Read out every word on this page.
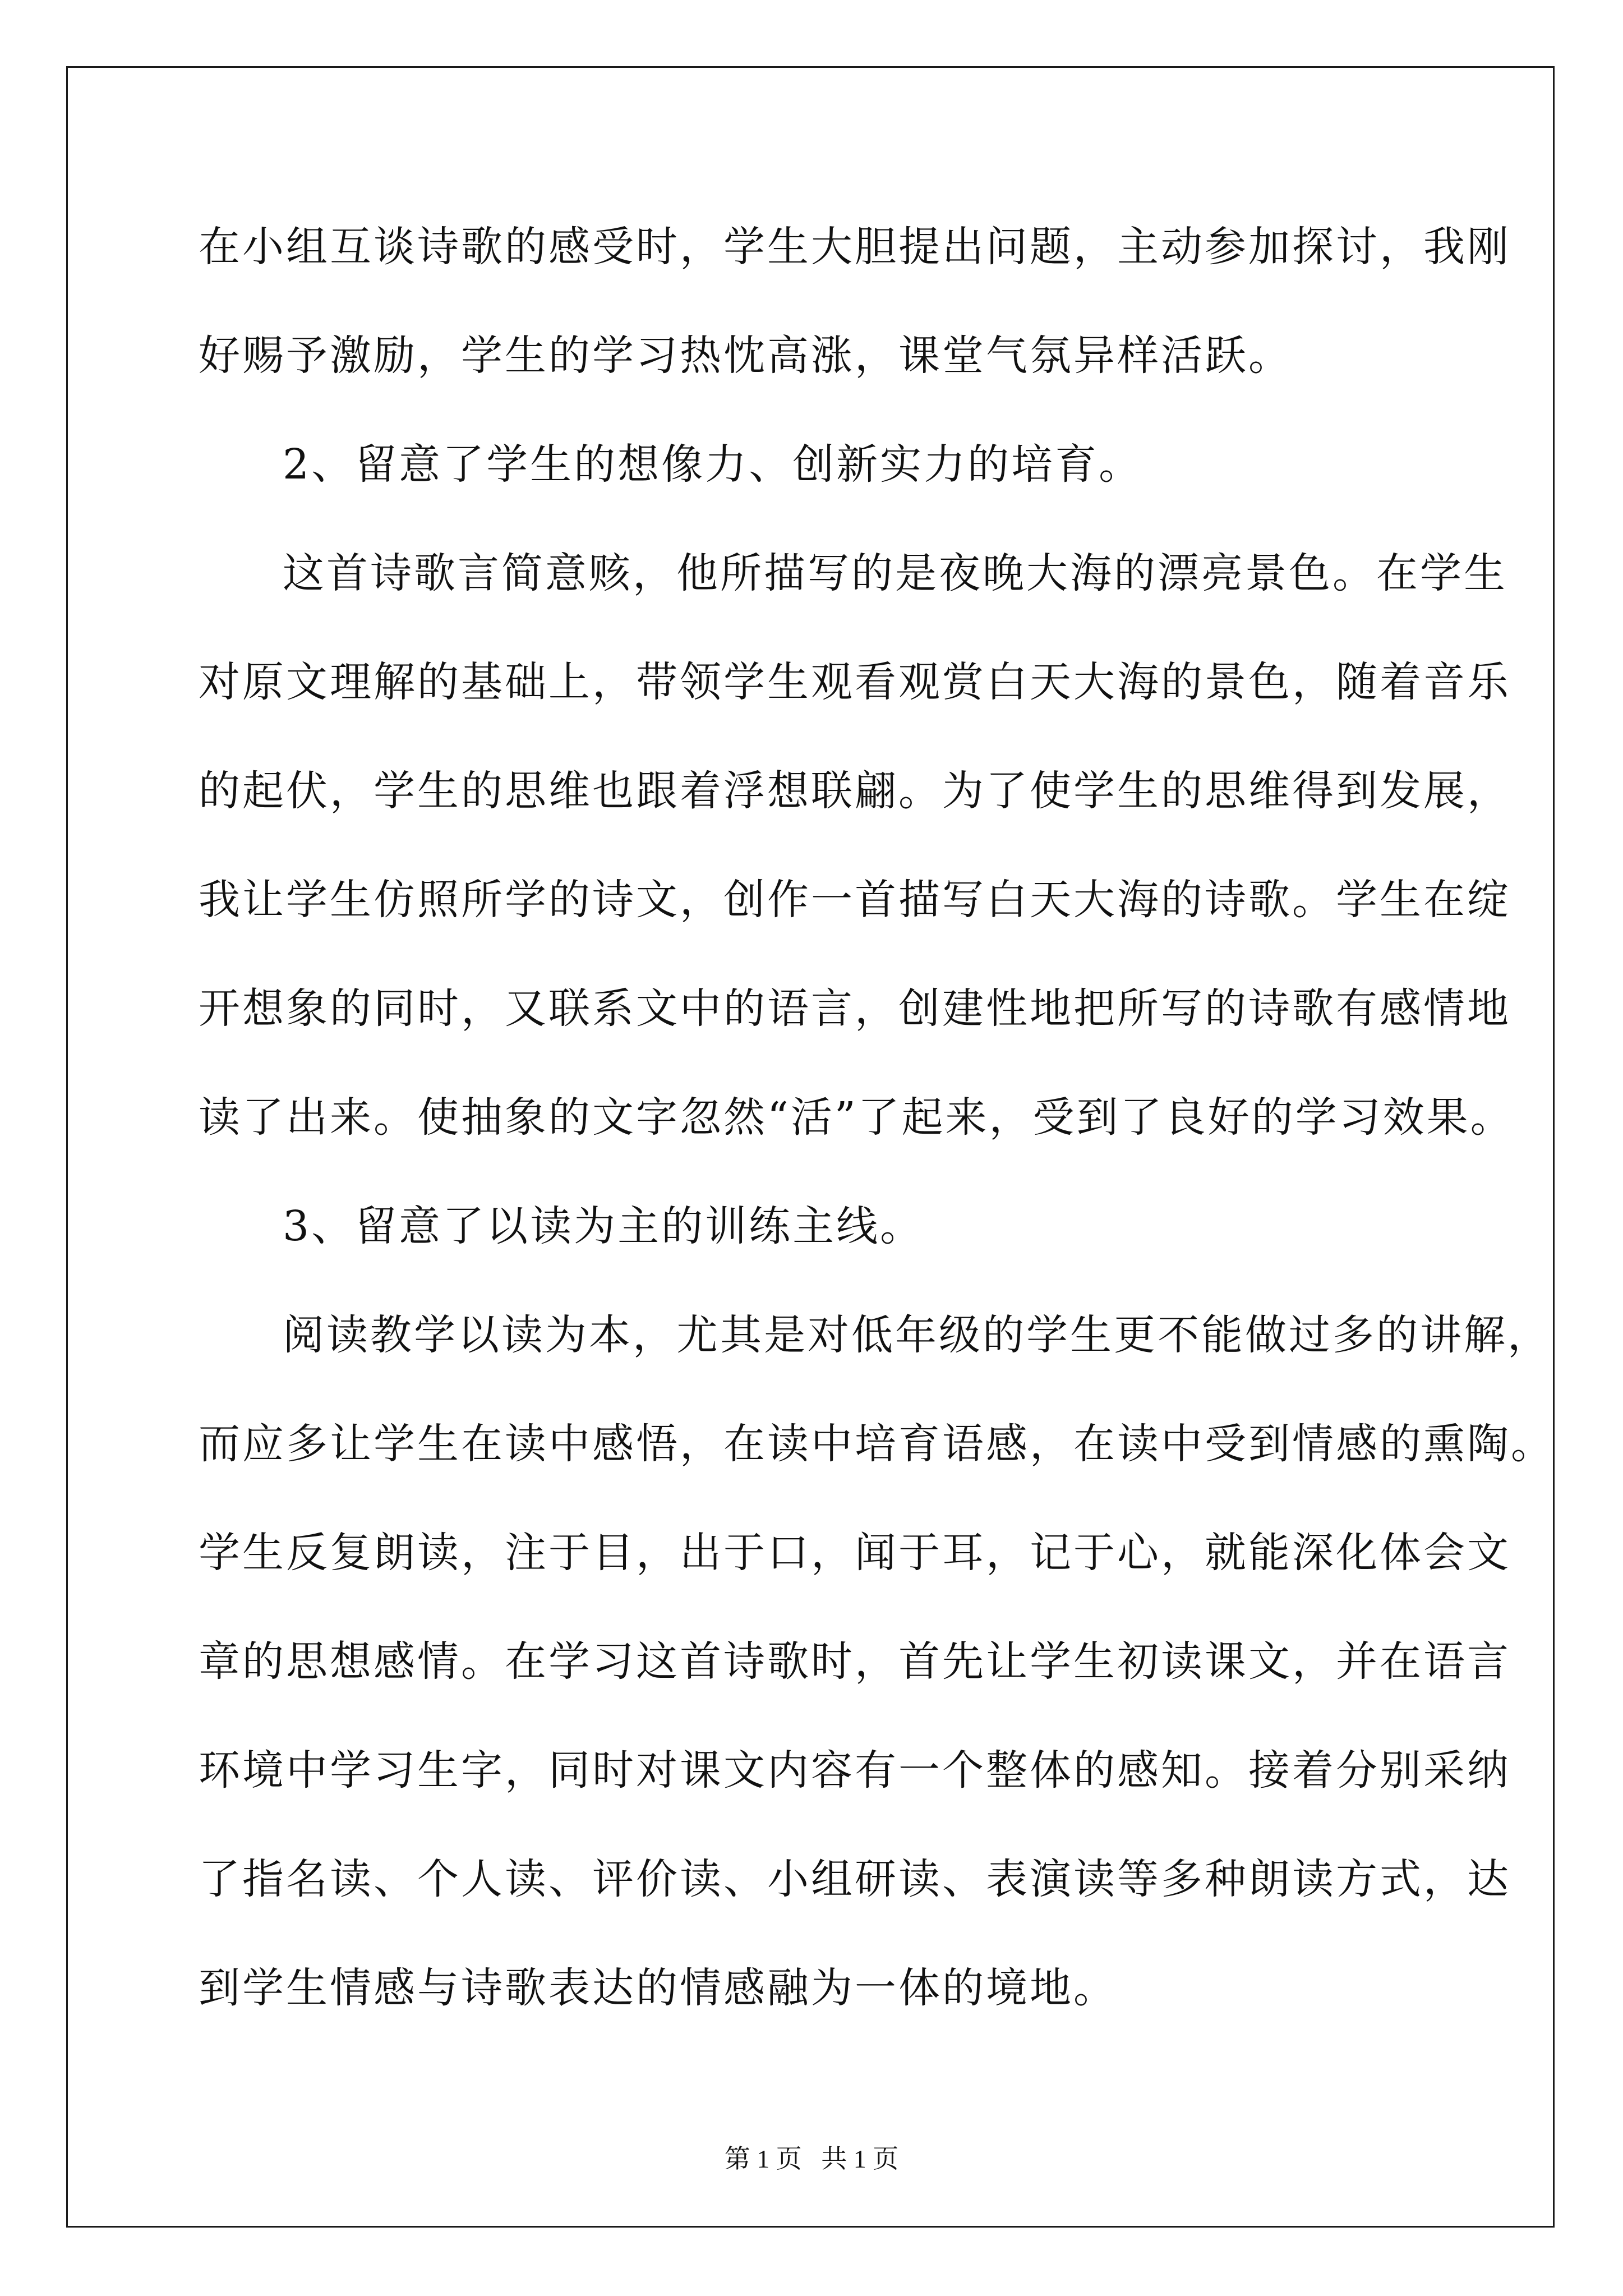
在小组互谈诗歌的感受时，学生大胆提出问题，主动参加探讨，我刚
好赐予激励，学生的学习热忱高涨，课堂气氛异样活跃。
2、留意了学生的想像力、创新实力的培育。
这首诗歌言简意赅，他所描写的是夜晚大海的漂亮景色。在学生
对原文理解的基础上，带领学生观看观赏白天大海的景色，随着音乐
的起伏，学生的思维也跟着浮想联翩。为了使学生的思维得到发展，
我让学生仿照所学的诗文，创作一首描写白天大海的诗歌。学生在绽
开想象的同时，又联系文中的语言，创建性地把所写的诗歌有感情地
读了出来。使抽象的文字忽然“活”了起来，受到了良好的学习效果。
3、留意了以读为主的训练主线。
阅读教学以读为本，尤其是对低年级的学生更不能做过多的讲解，
而应多让学生在读中感悟，在读中培育语感，在读中受到情感的熏陶。
学生反复朗读，注于目，出于口，闻于耳，记于心，就能深化体会文
章的思想感情。在学习这首诗歌时，首先让学生初读课文，并在语言
环境中学习生字，同时对课文内容有一个整体的感知。接着分别采纳
了指名读、个人读、评价读、小组研读、表演读等多种朗读方式，达
到学生情感与诗歌表达的情感融为一体的境地。
第 1 页   共 1 页
